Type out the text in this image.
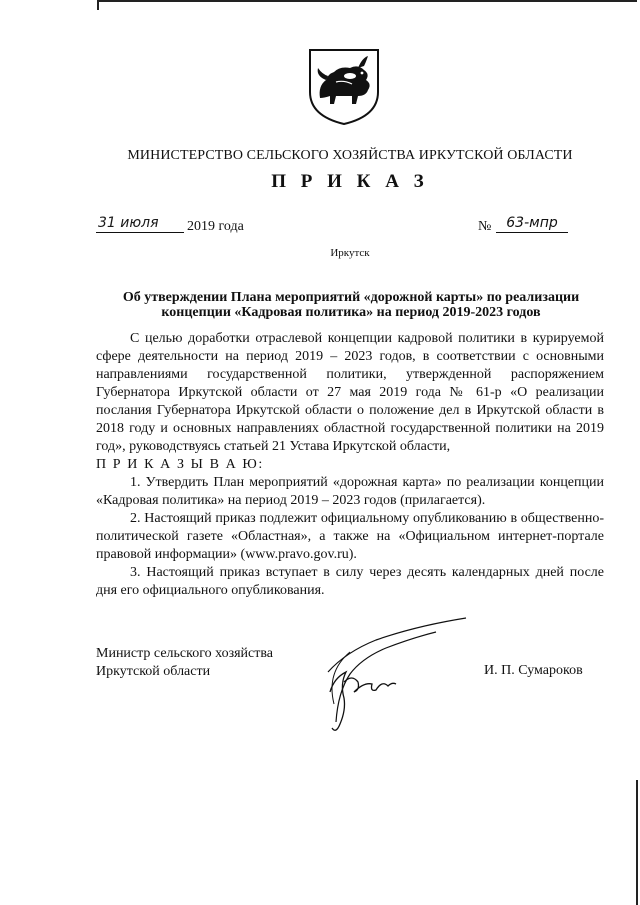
МИНИСТЕРСТВО СЕЛЬСКОГО ХОЗЯЙСТВА ИРКУТСКОЙ ОБЛАСТИ
П Р И К А З
31 июля	2019 года	№	63-мпр
Иркутск
Об утверждении Плана мероприятий «дорожной карты» по реализации концепции «Кадровая политика» на период 2019-2023 годов

С целью доработки отраслевой концепции кадровой политики в курируемой сфере деятельности на период 2019 – 2023 годов, в соответствии с основными направлениями государственной политики, утвержденной распоряжением Губернатора Иркутской области от 27 мая 2019 года № 61-р «О реализации послания Губернатора Иркутской области о положение дел в Иркутской области в 2018 году и основных направлениях областной государственной политики на 2019 год», руководствуясь статьей 21 Устава Иркутской области,

П Р И К А З Ы В А Ю:

1. Утвердить План мероприятий «дорожная карта» по реализации концепции «Кадровая политика» на период 2019 – 2023 годов (прилагается).

2. Настоящий приказ подлежит официальному опубликованию в общественно-политической газете «Областная», а также на «Официальном интернет-портале правовой информации» (www.pravo.gov.ru).

3. Настоящий приказ вступает в силу через десять календарных дней после дня его официального опубликования.

Министр сельского хозяйства
Иркутской области	И. П. Сумароков
